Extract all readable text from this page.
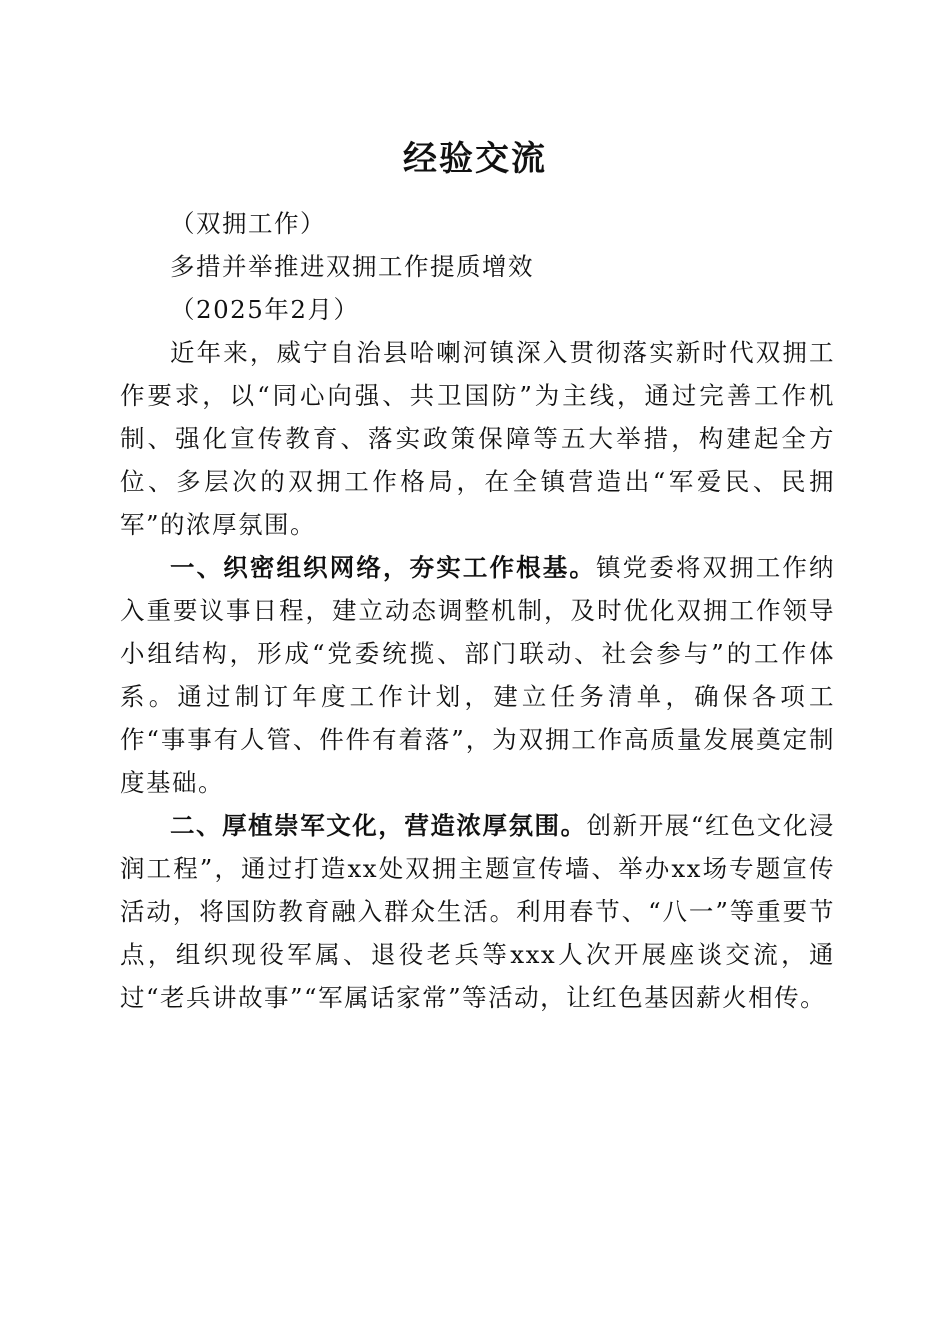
经验交流

（双拥工作）

多措并举推进双拥工作提质增效

（2025年2月）

近年来，威宁自治县哈喇河镇深入贯彻落实新时代双拥工作要求，以“同心向强、共卫国防”为主线，通过完善工作机制、强化宣传教育、落实政策保障等五大举措，构建起全方位、多层次的双拥工作格局，在全镇营造出“军爱民、民拥军”的浓厚氛围。

一、织密组织网络，夯实工作根基。镇党委将双拥工作纳入重要议事日程，建立动态调整机制，及时优化双拥工作领导小组结构，形成“党委统揽、部门联动、社会参与”的工作体系。通过制订年度工作计划，建立任务清单，确保各项工作“事事有人管、件件有着落”，为双拥工作高质量发展奠定制度基础。

二、厚植崇军文化，营造浓厚氛围。创新开展“红色文化浸润工程”，通过打造xx处双拥主题宣传墙、举办xx场专题宣传活动，将国防教育融入群众生活。利用春节、“八一”等重要节点，组织现役军属、退役老兵等xxx人次开展座谈交流，通过“老兵讲故事”“军属话家常”等活动，让红色基因薪火相传。
